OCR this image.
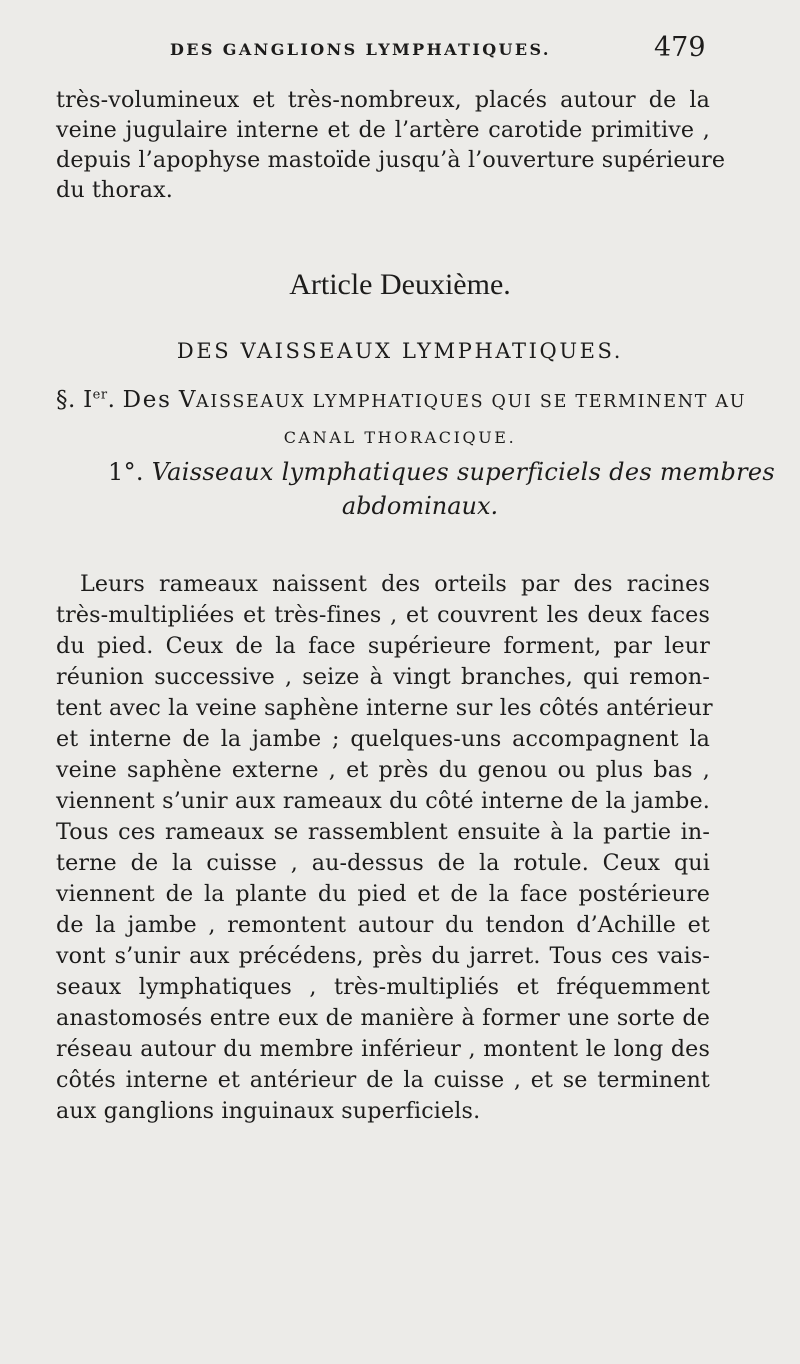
DES GANGLIONS LYMPHATIQUES.	479
très-volumineux et très-nombreux, placés autour de la
veine jugulaire interne et de l’artère carotide primitive ,
depuis l’apophyse mastoïde jusqu’à l’ouverture supérieure
du thorax.
Article Deuxième.
DES VAISSEAUX LYMPHATIQUES.
§. Ier. Des VAISSEAUX LYMPHATIQUES QUI SE TERMINENT AU
CANAL THORACIQUE.
1°. Vaisseaux lymphatiques superficiels des membres
abdominaux.
Leurs rameaux naissent des orteils par des racines
très-multipliées et très-fines , et couvrent les deux faces
du pied. Ceux de la face supérieure forment, par leur
réunion successive , seize à vingt branches, qui remon-
tent avec la veine saphène interne sur les côtés antérieur
et interne de la jambe ; quelques-uns accompagnent la
veine saphène externe , et près du genou ou plus bas ,
viennent s’unir aux rameaux du côté interne de la jambe.
Tous ces rameaux se rassemblent ensuite à la partie in-
terne de la cuisse , au-dessus de la rotule. Ceux qui
viennent de la plante du pied et de la face postérieure
de la jambe , remontent autour du tendon d’Achille et
vont s’unir aux précédens, près du jarret. Tous ces vais-
seaux lymphatiques , très-multipliés et fréquemment
anastomosés entre eux de manière à former une sorte de
réseau autour du membre inférieur , montent le long des
côtés interne et antérieur de la cuisse , et se terminent
aux ganglions inguinaux superficiels.
